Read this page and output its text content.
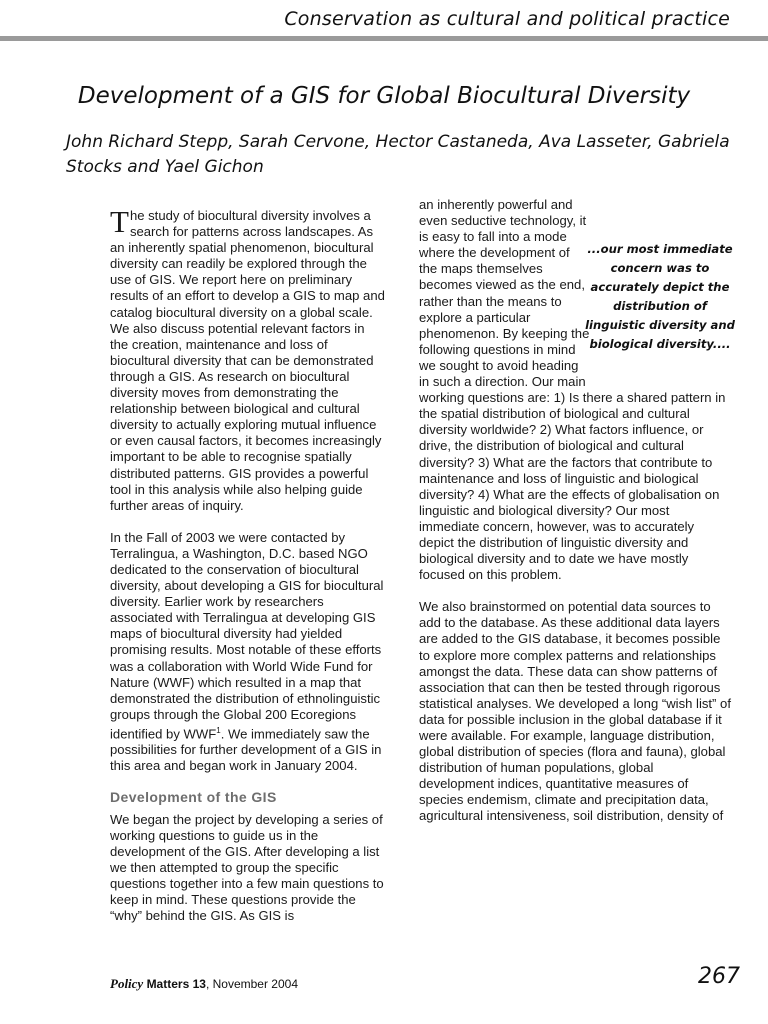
Conservation as cultural and political practice
Development of a GIS for Global Biocultural Diversity
John Richard Stepp, Sarah Cervone, Hector Castaneda, Ava Lasseter, Gabriela Stocks and Yael Gichon

The study of biocultural diversity involves a search for patterns across landscapes. As an inherently spatial phenomenon, biocultural diversity can readily be explored through the use of GIS. We report here on preliminary results of an effort to develop a GIS to map and catalog biocultural diversity on a global scale. We also discuss potential relevant factors in the creation, maintenance and loss of biocultural diversity that can be demonstrated through a GIS. As research on biocultural diversity moves from demonstrating the relationship between biological and cultural diversity to actually exploring mutual influence or even causal factors, it becomes increasingly important to be able to recognise spatially distributed patterns. GIS provides a powerful tool in this analysis while also helping guide further areas of inquiry.

In the Fall of 2003 we were contacted by Terralingua, a Washington, D.C. based NGO dedicated to the conservation of biocultural diversity, about developing a GIS for biocultural diversity. Earlier work by researchers associated with Terralingua at developing GIS maps of biocultural diversity had yielded promising results. Most notable of these efforts was a collaboration with World Wide Fund for Nature (WWF) which resulted in a map that demonstrated the distribution of ethnolinguistic groups through the Global 200 Ecoregions identified by WWF$^1$. We immediately saw the possibilities for further development of a GIS in this area and began work in January 2004.

Development of the GIS

We began the project by developing a series of working questions to guide us in the development of the GIS. After developing a list we then attempted to group the specific questions together into a few main questions to keep in mind. These questions provide the “why” behind the GIS. As GIS is

an inherently powerful and even seductive technology, it is easy to fall into a mode where the development of the maps themselves becomes viewed as the end, rather than the means to explore a particular phenomenon. By keeping the following questions in mind we sought to avoid heading in such a direction. Our main working questions are: 1) Is there a shared pattern in the spatial distribution of biological and cultural diversity worldwide? 2) What factors influence, or drive, the distribution of biological and cultural diversity? 3) What are the factors that contribute to maintenance and loss of linguistic and biological diversity? 4) What are the effects of globalisation on linguistic and biological diversity? Our most immediate concern, however, was to accurately depict the distribution of linguistic diversity and biological diversity and to date we have mostly focused on this problem.

We also brainstormed on potential data sources to add to the database. As these additional data layers are added to the GIS database, it becomes possible to explore more complex patterns and relationships amongst the data. These data can show patterns of association that can then be tested through rigorous statistical analyses. We developed a long “wish list” of data for possible inclusion in the global database if it were available. For example, language distribution, global distribution of species (flora and fauna), global distribution of human populations, global development indices, quantitative measures of species endemism, climate and precipitation data, agricultural intensiveness, soil distribution, density of

...our most immediate concern was to accurately depict the distribution of linguistic diversity and biological diversity....
Policy Matters 13, November 2004	267
